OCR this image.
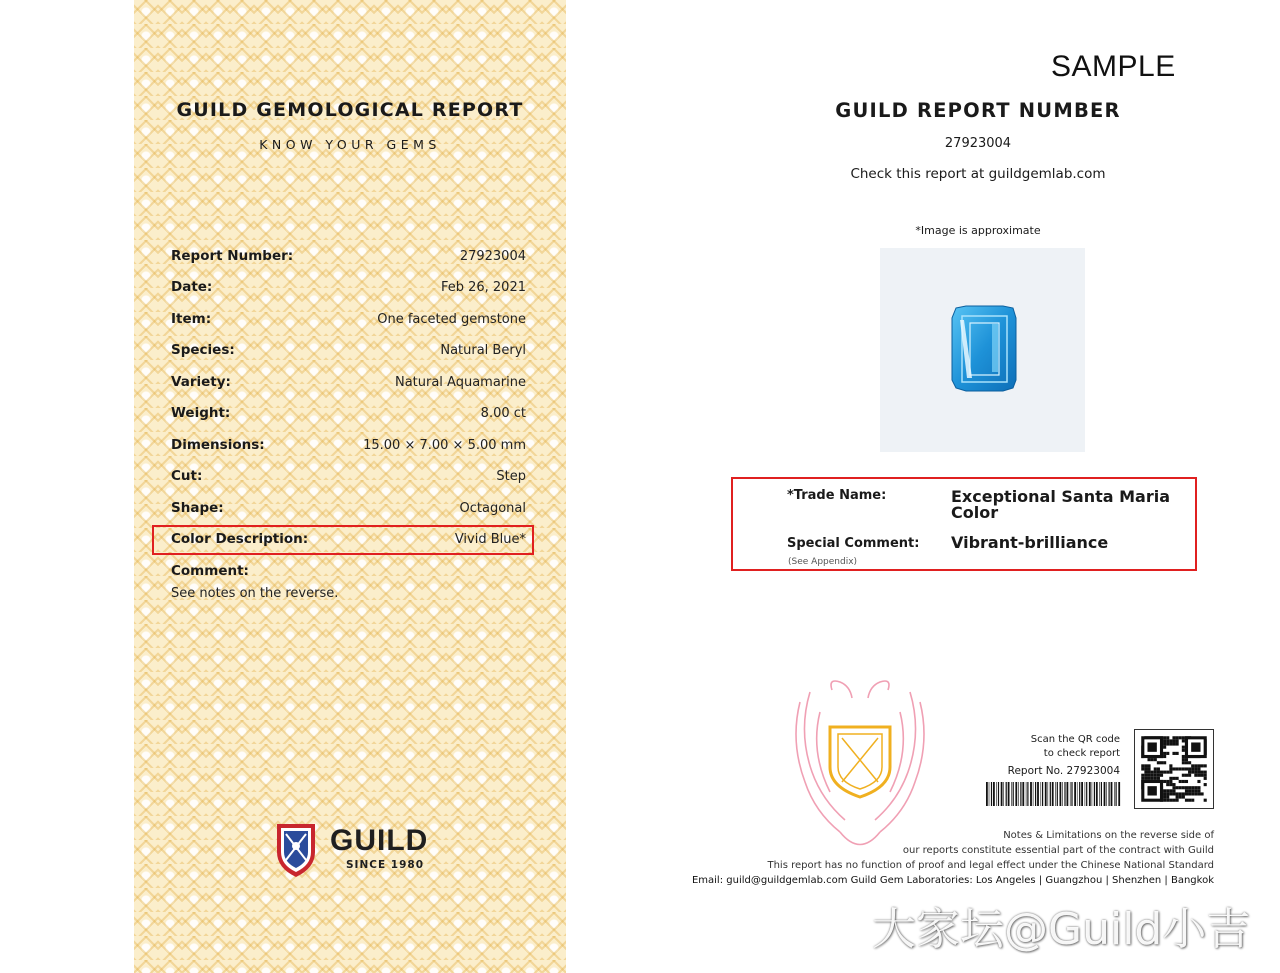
GUILD GEMOLOGICAL REPORT
KNOW YOUR GEMS
Report Number:	27923004
Date:	Feb 26, 2021
Item:	One faceted gemstone
Species:	Natural Beryl
Variety:	Natural Aquamarine
Weight:	8.00 ct
Dimensions:	15.00 × 7.00 × 5.00 mm
Cut:	Step
Shape:	Octagonal
Color Description:	Vivid Blue*
Comment:
See notes on the reverse.
GUILD
SINCE 1980
SAMPLE
GUILD REPORT NUMBER
27923004
Check this report at guildgemlab.com
*Image is approximate
*Trade Name:	Exceptional Santa Maria Color
Special Comment: Vibrant-brilliance
(See Appendix)
Scan the QR code
to check report
Report No. 27923004
Notes & Limitations on the reverse side of
our reports constitute essential part of the contract with Guild
This report has no function of proof and legal effect under the Chinese National Standard
Email: guild@guildgemlab.com Guild Gem Laboratories: Los Angeles | Guangzhou | Shenzhen | Bangkok
大家坛@Guild小吉
